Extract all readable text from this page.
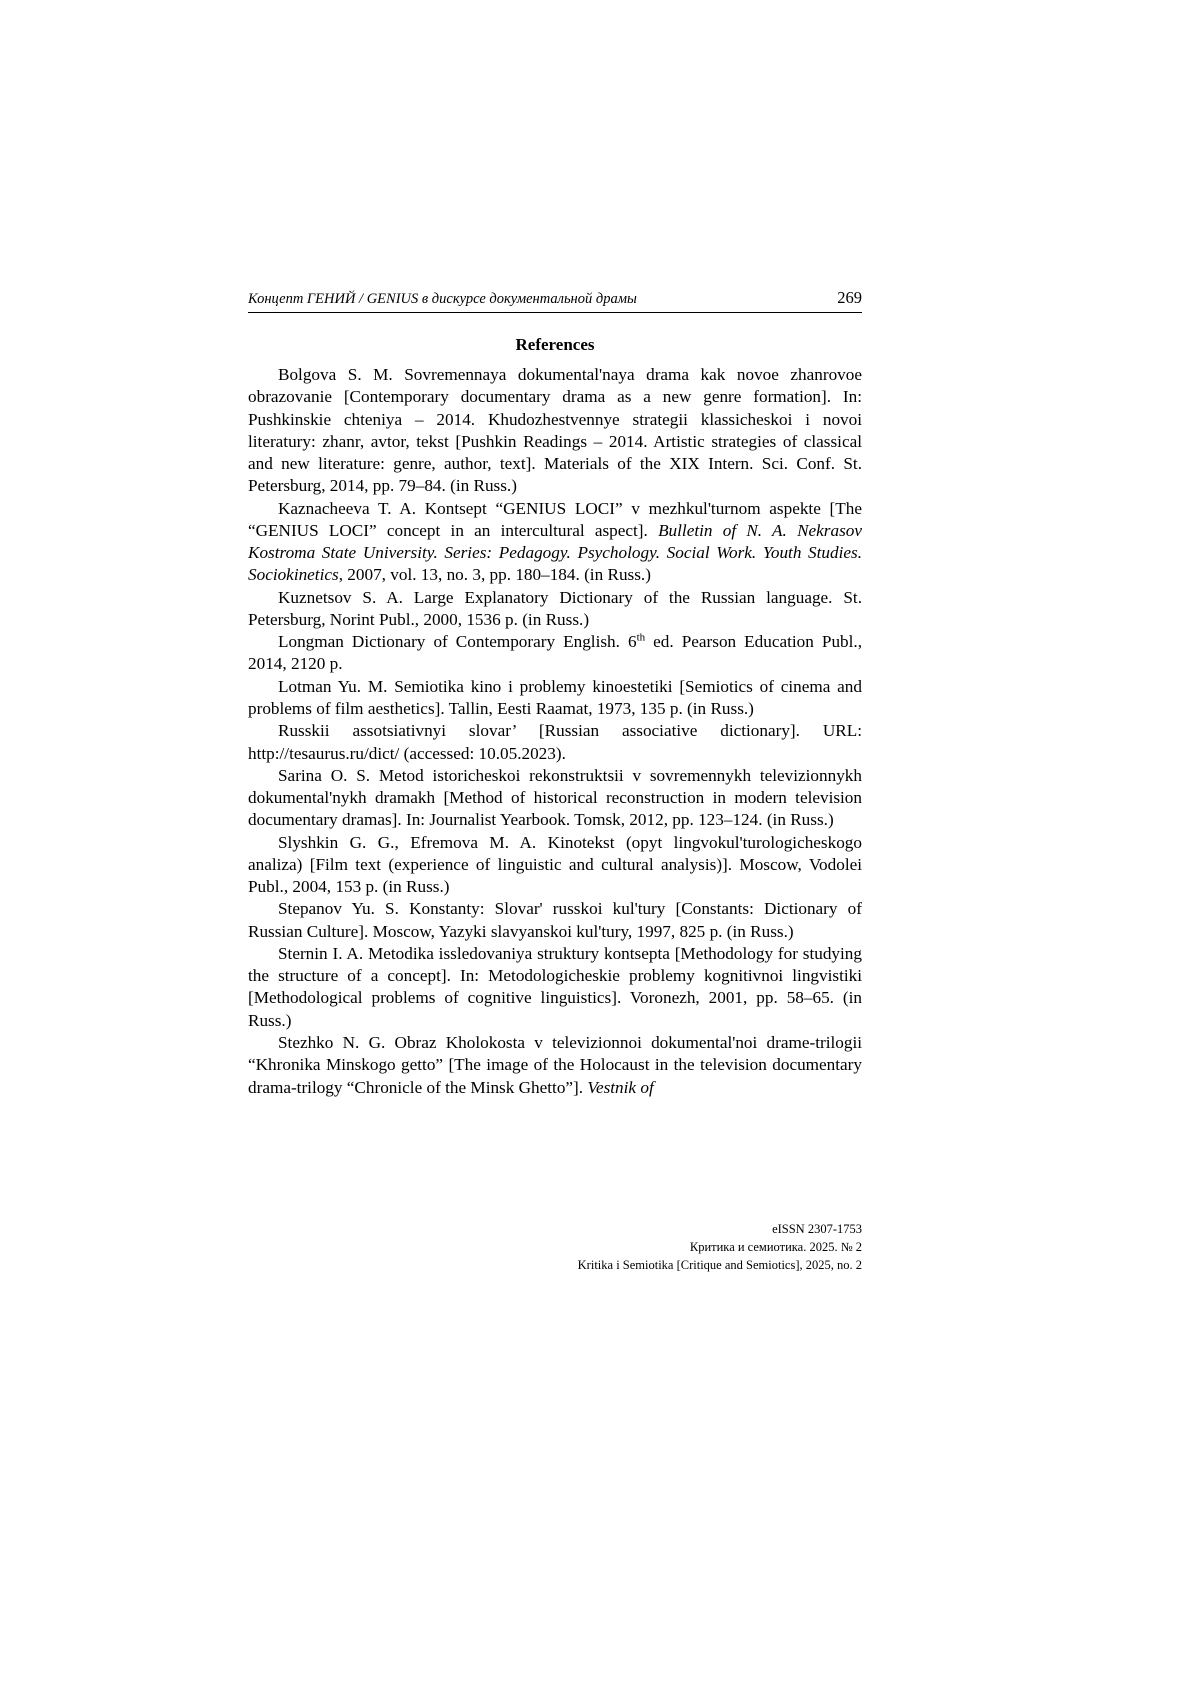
Концепт ГЕНИЙ / GENIUS в дискурсе документальной драмы	269
References

Bolgova S. M. Sovremennaya dokumental'naya drama kak novoe zhanrovoe obrazovanie [Contemporary documentary drama as a new genre formation]. In: Pushkinskie chteniya – 2014. Khudozhestvennye strategii klassicheskoi i novoi literatury: zhanr, avtor, tekst [Pushkin Readings – 2014. Artistic strategies of classical and new literature: genre, author, text]. Materials of the XIX Intern. Sci. Conf. St. Petersburg, 2014, pp. 79–84. (in Russ.)

Kaznacheeva T. A. Kontsept “GENIUS LOCI” v mezhkul'turnom aspekte [The “GENIUS LOCI” concept in an intercultural aspect]. Bulletin of N. A. Nekrasov Kostroma State University. Series: Pedagogy. Psychology. Social Work. Youth Studies. Sociokinetics, 2007, vol. 13, no. 3, pp. 180–184. (in Russ.)

Kuznetsov S. A. Large Explanatory Dictionary of the Russian language. St. Petersburg, Norint Publ., 2000, 1536 p. (in Russ.)

Longman Dictionary of Contemporary English. 6th ed. Pearson Education Publ., 2014, 2120 p.

Lotman Yu. M. Semiotika kino i problemy kinoestetiki [Semiotics of cinema and problems of film aesthetics]. Tallin, Eesti Raamat, 1973, 135 p. (in Russ.)

Russkii assotsiativnyi slovar’ [Russian associative dictionary]. URL: http://tesaurus.ru/dict/ (accessed: 10.05.2023).

Sarina O. S. Metod istoricheskoi rekonstruktsii v sovremennykh televizionnykh dokumental'nykh dramakh [Method of historical reconstruction in modern television documentary dramas]. In: Journalist Yearbook. Tomsk, 2012, pp. 123–124. (in Russ.)

Slyshkin G. G., Efremova M. A. Kinotekst (opyt lingvokul'turologicheskogo analiza) [Film text (experience of linguistic and cultural analysis)]. Moscow, Vodolei Publ., 2004, 153 p. (in Russ.)

Stepanov Yu. S. Konstanty: Slovar' russkoi kul'tury [Constants: Dictionary of Russian Culture]. Moscow, Yazyki slavyanskoi kul'tury, 1997, 825 p. (in Russ.)

Sternin I. A. Metodika issledovaniya struktury kontsepta [Methodology for studying the structure of a concept]. In: Metodologicheskie problemy kognitivnoi lingvistiki [Methodological problems of cognitive linguistics]. Voronezh, 2001, pp. 58–65. (in Russ.)

Stezhko N. G. Obraz Kholokosta v televizionnoi dokumental'noi drame-trilogii “Khronika Minskogo getto” [The image of the Holocaust in the television documentary drama-trilogy “Chronicle of the Minsk Ghetto”]. Vestnik of

eISSN 2307-1753
Критика и семиотика. 2025. № 2
Kritika i Semiotika [Critique and Semiotics], 2025, no. 2
